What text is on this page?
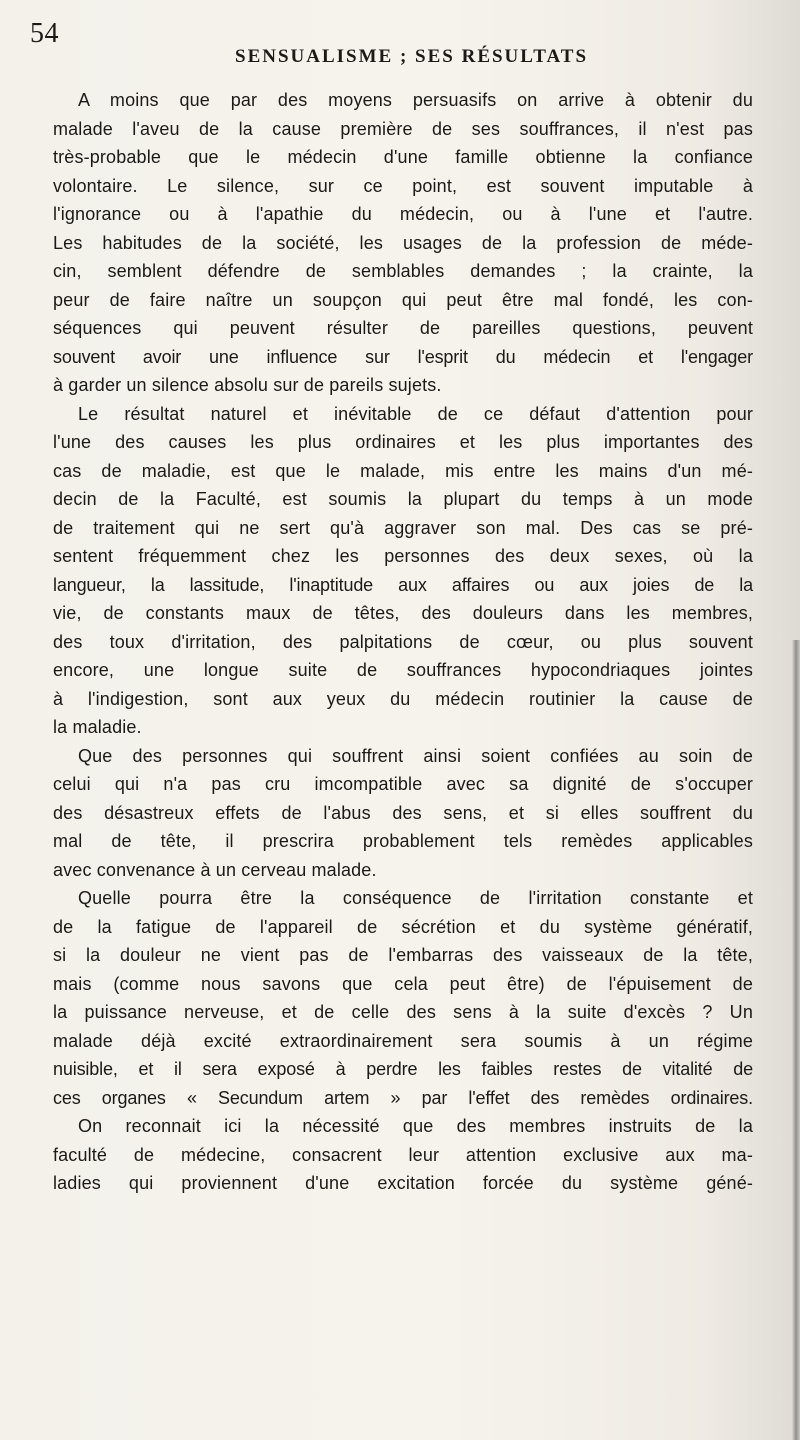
54
SENSUALISME ; SES RÉSULTATS
A moins que par des moyens persuasifs on arrive à obtenir du
malade l'aveu de la cause première de ses souffrances, il n'est pas
très-probable que le médecin d'une famille obtienne la confiance
volontaire. Le silence, sur ce point, est souvent imputable à
l'ignorance ou à l'apathie du médecin, ou à l'une et l'autre.
Les habitudes de la société, les usages de la profession de méde-
cin, semblent défendre de semblables demandes ; la crainte, la
peur de faire naître un soupçon qui peut être mal fondé, les con-
séquences qui peuvent résulter de pareilles questions, peuvent
souvent avoir une influence sur l'esprit du médecin et l'engager
à garder un silence absolu sur de pareils sujets.
Le résultat naturel et inévitable de ce défaut d'attention pour
l'une des causes les plus ordinaires et les plus importantes des
cas de maladie, est que le malade, mis entre les mains d'un mé-
decin de la Faculté, est soumis la plupart du temps à un mode
de traitement qui ne sert qu'à aggraver son mal. Des cas se pré-
sentent fréquemment chez les personnes des deux sexes, où la
langueur, la lassitude, l'inaptitude aux affaires ou aux joies de la
vie, de constants maux de têtes, des douleurs dans les membres,
des toux d'irritation, des palpitations de cœur, ou plus souvent
encore, une longue suite de souffrances hypocondriaques jointes
à l'indigestion, sont aux yeux du médecin routinier la cause de
la maladie.
Que des personnes qui souffrent ainsi soient confiées au soin de
celui qui n'a pas cru imcompatible avec sa dignité de s'occuper
des désastreux effets de l'abus des sens, et si elles souffrent du
mal de tête, il prescrira probablement tels remèdes applicables
avec convenance à un cerveau malade.
Quelle pourra être la conséquence de l'irritation constante et
de la fatigue de l'appareil de sécrétion et du système génératif,
si la douleur ne vient pas de l'embarras des vaisseaux de la tête,
mais (comme nous savons que cela peut être) de l'épuisement de
la puissance nerveuse, et de celle des sens à la suite d'excès ? Un
malade déjà excité extraordinairement sera soumis à un régime
nuisible, et il sera exposé à perdre les faibles restes de vitalité de
ces organes « Secundum artem » par l'effet des remèdes ordinaires.
On reconnait ici la nécessité que des membres instruits de la
faculté de médecine, consacrent leur attention exclusive aux ma-
ladies qui proviennent d'une excitation forcée du système géné-
